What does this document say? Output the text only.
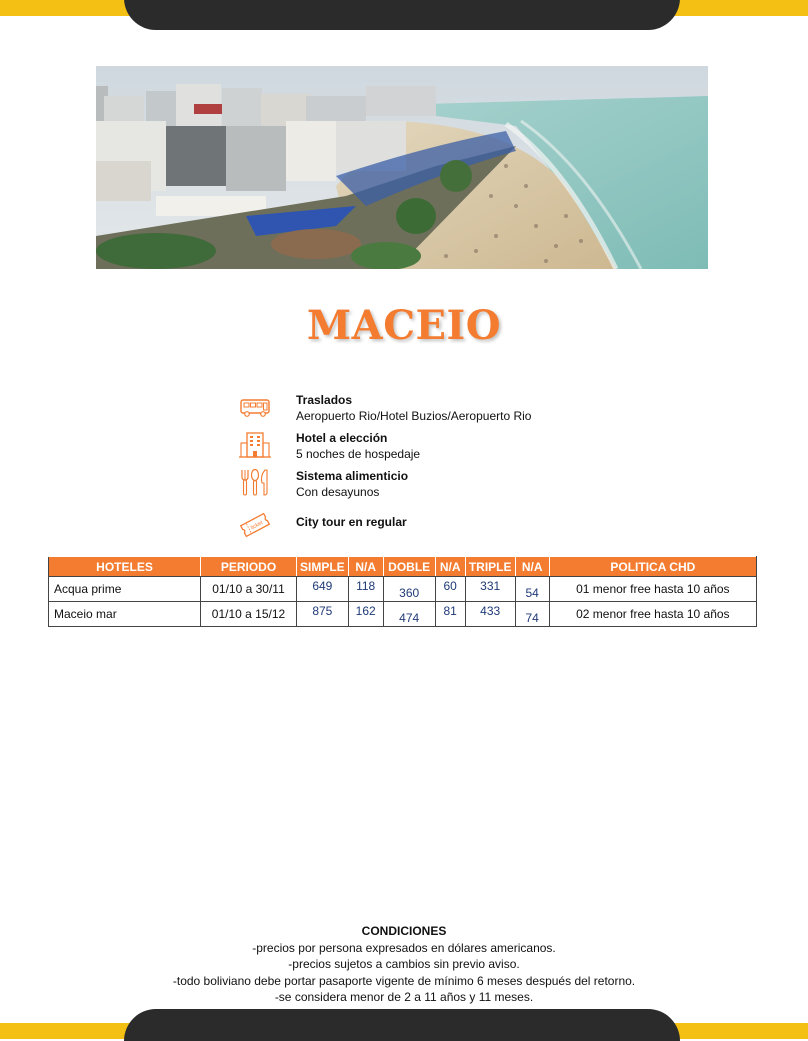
MACEIO
Traslados
Aeropuerto Rio/Hotel Buzios/Aeropuerto Rio
Hotel a elección
5 noches de hospedaje
Sistema alimenticio
Con desayunos
ticket	City tour en regular
HOTELES	PERIODO	SIMPLE	N/A	DOBLE	N/A	TRIPLE	N/A	POLITICA CHD
Acqua prime	01/10 a 30/11	649	118	360	60	331	54	01 menor free hasta 10 años
Maceio mar	01/10 a 15/12	875	162	474	81	433	74	02 menor free hasta 10 años
CONDICIONES
-precios por persona expresados en dólares americanos.
-precios sujetos a cambios sin previo aviso.
-todo boliviano debe portar pasaporte vigente de mínimo 6 meses después del retorno.
-se considera menor de 2 a 11 años y 11 meses.
